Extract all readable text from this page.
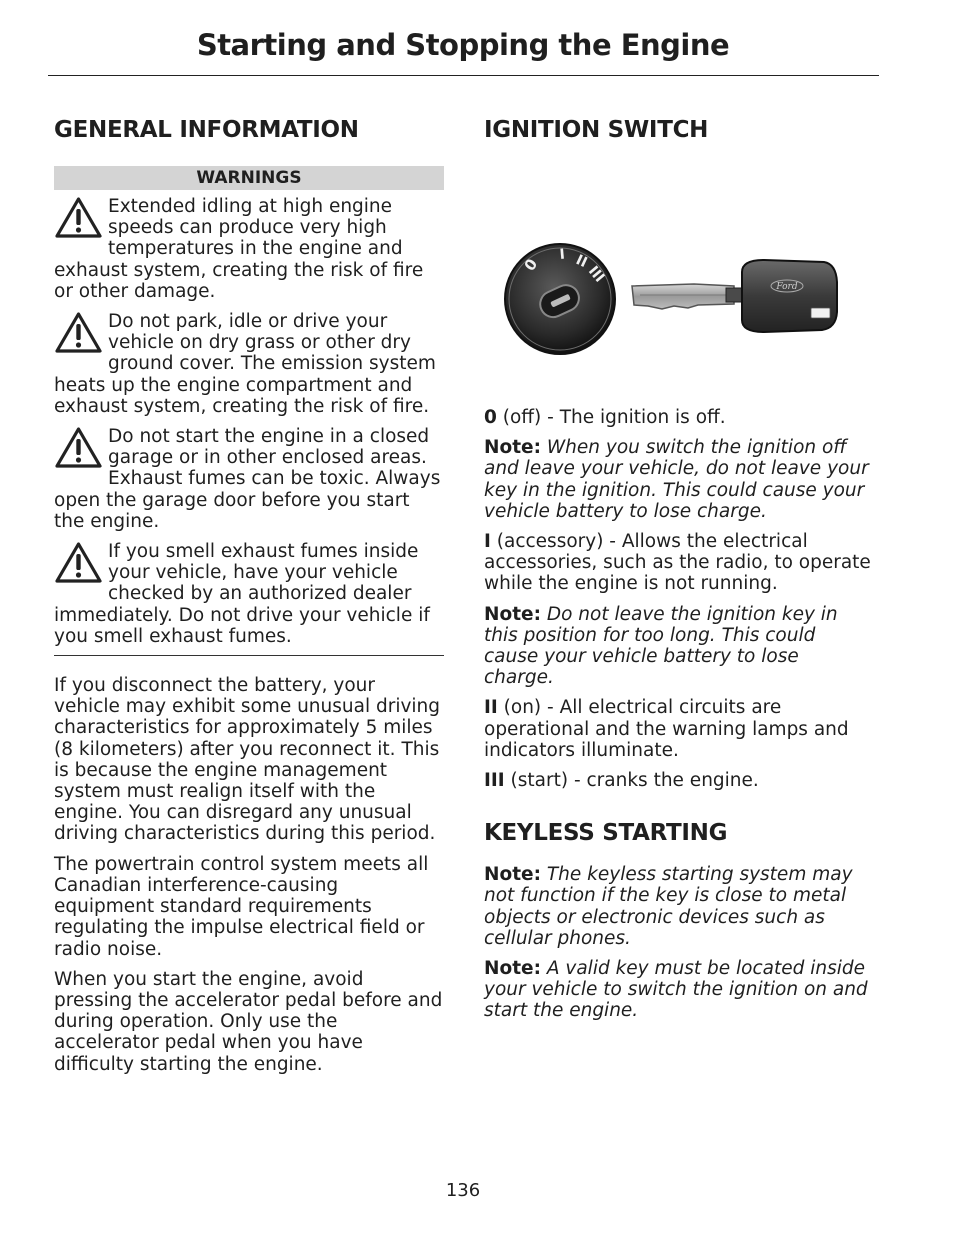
Starting and Stopping the Engine
GENERAL INFORMATION
WARNINGS
Extended idling at high engine speeds can produce very high temperatures in the engine and exhaust system, creating the risk of fire or other damage.
Do not park, idle or drive your vehicle on dry grass or other dry ground cover. The emission system heats up the engine compartment and exhaust system, creating the risk of fire.
Do not start the engine in a closed garage or in other enclosed areas. Exhaust fumes can be toxic. Always open the garage door before you start the engine.
If you smell exhaust fumes inside your vehicle, have your vehicle checked by an authorized dealer immediately. Do not drive your vehicle if you smell exhaust fumes.

If you disconnect the battery, your vehicle may exhibit some unusual driving characteristics for approximately 5 miles (8 kilometers) after you reconnect it. This is because the engine management system must realign itself with the engine. You can disregard any unusual driving characteristics during this period.

The powertrain control system meets all Canadian interference-causing equipment standard requirements regulating the impulse electrical field or radio noise.

When you start the engine, avoid pressing the accelerator pedal before and during operation. Only use the accelerator pedal when you have difficulty starting the engine.

IGNITION SWITCH
0
I II
III
Ford

0 (off) - The ignition is off.

Note: When you switch the ignition off and leave your vehicle, do not leave your key in the ignition. This could cause your vehicle battery to lose charge.

I (accessory) - Allows the electrical accessories, such as the radio, to operate while the engine is not running.

Note: Do not leave the ignition key in this position for too long. This could cause your vehicle battery to lose charge.

II (on) - All electrical circuits are operational and the warning lamps and indicators illuminate.

III (start) - cranks the engine.

KEYLESS STARTING

Note: The keyless starting system may not function if the key is close to metal objects or electronic devices such as cellular phones.

Note: A valid key must be located inside your vehicle to switch the ignition on and start the engine.

136
